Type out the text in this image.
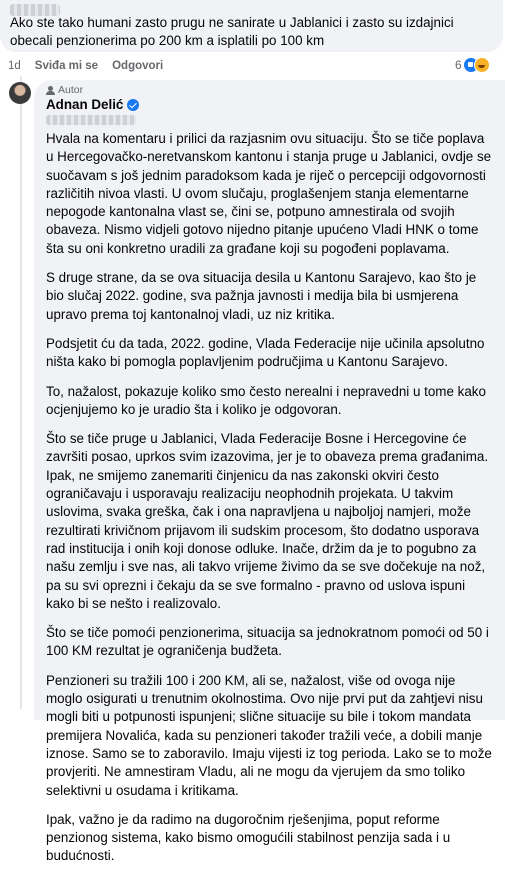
Ako ste tako humani zasto prugu ne sanirate u Jablanici i zasto su izdajnici obecali penzionerima po 200 km a isplatili po 100 km
1d Sviđa mi se Odgovori	6
Autor
Adnan Delić

Hvala na komentaru i prilici da razjasnim ovu situaciju. Što se tiče poplava u Hercegovačko-neretvanskom kantonu i stanja pruge u Jablanici, ovdje se suočavam s još jednim paradoksom kada je riječ o percepciji odgovornosti različitih nivoa vlasti. U ovom slučaju, proglašenjem stanja elementarne nepogode kantonalna vlast se, čini se, potpuno amnestirala od svojih obaveza. Nismo vidjeli gotovo nijedno pitanje upućeno Vladi HNK o tome šta su oni konkretno uradili za građane koji su pogođeni poplavama.

S druge strane, da se ova situacija desila u Kantonu Sarajevo, kao što je bio slučaj 2022. godine, sva pažnja javnosti i medija bila bi usmjerena upravo prema toj kantonalnoj vladi, uz niz kritika.

Podsjetit ću da tada, 2022. godine, Vlada Federacije nije učinila apsolutno ništa kako bi pomogla poplavljenim područjima u Kantonu Sarajevo.

To, nažalost, pokazuje koliko smo često nerealni i nepravedni u tome kako ocjenjujemo ko je uradio šta i koliko je odgovoran.

Što se tiče pruge u Jablanici, Vlada Federacije Bosne i Hercegovine će završiti posao, uprkos svim izazovima, jer je to obaveza prema građanima. Ipak, ne smijemo zanemariti činjenicu da nas zakonski okviri često ograničavaju i usporavaju realizaciju neophodnih projekata. U takvim uslovima, svaka greška, čak i ona napravljena u najboljoj namjeri, može rezultirati krivičnom prijavom ili sudskim procesom, što dodatno usporava rad institucija i onih koji donose odluke. Inače, držim da je to pogubno za našu zemlju i sve nas, ali takvo vrijeme živimo da se sve dočekuje na nož, pa su svi oprezni i čekaju da se sve formalno - pravno od uslova ispuni kako bi se nešto i realizovalo.

Što se tiče pomoći penzionerima, situacija sa jednokratnom pomoći od 50 i 100 KM rezultat je ograničenja budžeta.

Penzioneri su tražili 100 i 200 KM, ali se, nažalost, više od ovoga nije moglo osigurati u trenutnim okolnostima. Ovo nije prvi put da zahtjevi nisu mogli biti u potpunosti ispunjeni; slične situacije su bile i tokom mandata premijera Novalića, kada su penzioneri također tražili veće, a dobili manje iznose. Samo se to zaboravilo. Imaju vijesti iz tog perioda. Lako se to može provjeriti. Ne amnestiram Vladu, ali ne mogu da vjerujem da smo toliko selektivni u osudama i kritikama.

Ipak, važno je da radimo na dugoročnim rješenjima, poput reforme penzionog sistema, kako bismo omogućili stabilnost penzija sada i u budućnosti.
